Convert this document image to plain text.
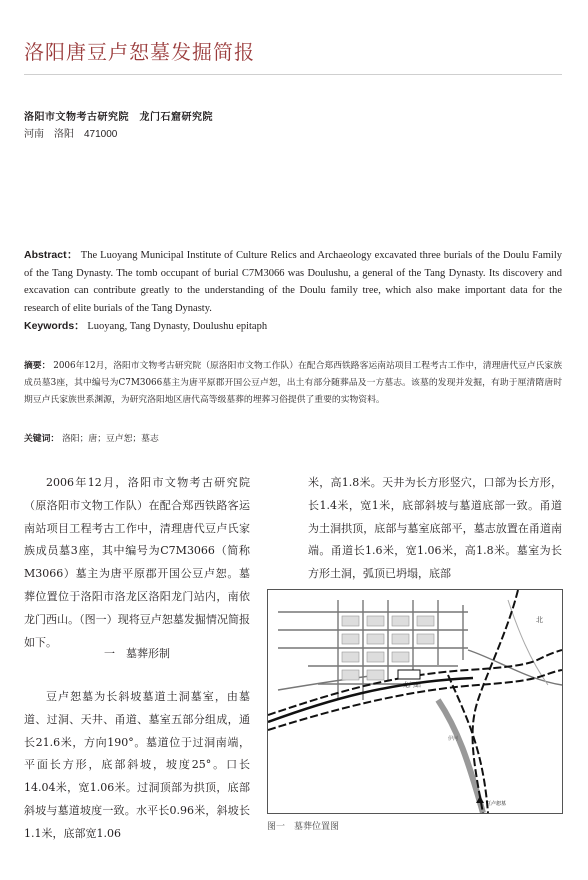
洛阳唐豆卢恕墓发掘简报
洛阳市文物考古研究院　龙门石窟研究院
河南　洛阳　471000
Abstract： The Luoyang Municipal Institute of Culture Relics and Archaeology excavated three burials of the Doulu Family of the Tang Dynasty. The tomb occupant of burial C7M3066 was Doulushu, a general of the Tang Dynasty. Its discovery and excavation can contribute greatly to the understanding of the Doulu family tree, which also make important data for the research of elite burials of the Tang Dynasty.
Keywords： Luoyang, Tang Dynasty, Doulushu epitaph
摘要： 2006年12月，洛阳市文物考古研究院（原洛阳市文物工作队）在配合郑西铁路客运南站项目工程考古工作中，清理唐代豆卢氏家族成员墓3座，其中编号为C7M3066墓主为唐平原郡开国公豆卢恕，出土有部分随葬品及一方墓志。该墓的发现并发掘，有助于厘清隋唐时期豆卢氏家族世系渊源，为研究洛阳地区唐代高等级墓葬的埋葬习俗提供了重要的实物资料。
关键词： 洛阳；唐；豆卢恕；墓志

2006年12月，洛阳市文物考古研究院（原洛阳市文物工作队）在配合郑西铁路客运南站项目工程考古工作中，清理唐代豆卢氏家族成员墓3座，其中编号为C7M3066（简称M3066）墓主为唐平原郡开国公豆卢恕。墓葬位置位于洛阳市洛龙区洛阳龙门站内，南依龙门西山。（图一）现将豆卢恕墓发掘情况简报如下。

一　墓葬形制

豆卢恕墓为长斜坡墓道土洞墓室，由墓道、过洞、天井、甬道、墓室五部分组成，通长21.6米，方向190°。墓道位于过洞南端，平面长方形，底部斜坡，坡度25°。口长14.04米，宽1.06米。过洞顶部为拱顶，底部斜坡与墓道坡度一致。水平长0.96米，斜坡长1.1米，底部宽1.06

米，高1.8米。天井为长方形竖穴，口部为长方形，长1.4米，宽1米，底部斜坡与墓道底部一致。甬道为土洞拱顶，底部与墓室底部平，墓志放置在甬道南端。甬道长1.6米，宽1.06米，高1.8米。墓室为长方形土洞，弧顶已坍塌，底部

龙门站
豆卢恕墓
北
伊河
图一　墓葬位置图
